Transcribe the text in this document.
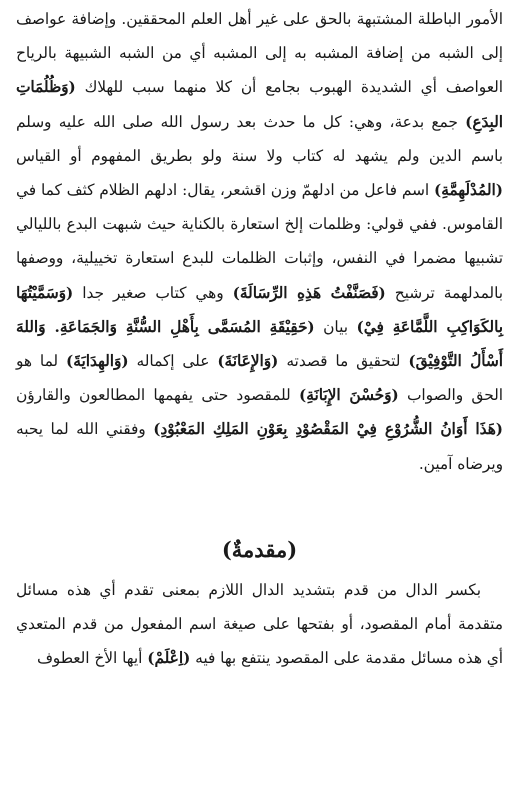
الأمور الباطلة المشتبهة بالحق على غير أهل العلم المحققين. وإضافة عواصف إلى الشبه من إضافة المشبه به إلى المشبه أي من الشبه الشبيهة بالرياح العواصف أي الشديدة الهبوب بجامع أن كلا منهما سبب للهلاك (وَظُلُمَاتِ البِدَعِ) جمع بدعة، وهي: كل ما حدث بعد رسول الله صلى الله عليه وسلم باسم الدين ولم يشهد له كتاب ولا سنة ولو بطريق المفهوم أو القياس (المُدْلَهِمَّةِ) اسم فاعل من ادلهمّ وزن اقشعر، يقال: ادلهم الظلام كثف كما في القاموس. ففي قولي: وظلمات إلخ استعارة بالكناية حيث شبهت البدع بالليالي تشبيها مضمرا في النفس، وإثبات الظلمات للبدع استعارة تخييلية، ووصفها بالمدلهمة ترشيح (فَصَنَّفْتُ هَذِهِ الرِّسَالَةَ) وهي كتاب صغير جدا (وَسَمَّيْتُهَا بِالكَوَاكِبِ اللَّمَّاعَةِ فِيْ) بيان (حَقِيْقَةِ المُسَمَّى بِأَهْلِ السُّنَّةِ وَالجَمَاعَةِ. وَاللهَ أَسْأَلُ التَّوْفِيْقَ) لتحقيق ما قصدته (وَالإِعَانَةَ) على إكماله (وَالهِدَايَةَ) لما هو الحق والصواب (وَحُسْنَ الإِبَانَةِ) للمقصود حتى يفهمها المطالعون والقارؤن (هَذَا أَوَانُ الشُّرُوْعِ فِيْ المَقْصُوْدِ بِعَوْنِ المَلِكِ المَعْبُوْدِ) وفقني الله لما يحبه ويرضاه آمين.

(مقدمةٌ)

بكسر الدال من قدم بتشديد الدال اللازم بمعنى تقدم أي هذه مسائل متقدمة أمام المقصود، أو بفتحها على صيغة اسم المفعول من قدم المتعدي أي هذه مسائل مقدمة على المقصود ينتفع بها فيه (اِعْلَمْ) أيها الأخ العطوف
